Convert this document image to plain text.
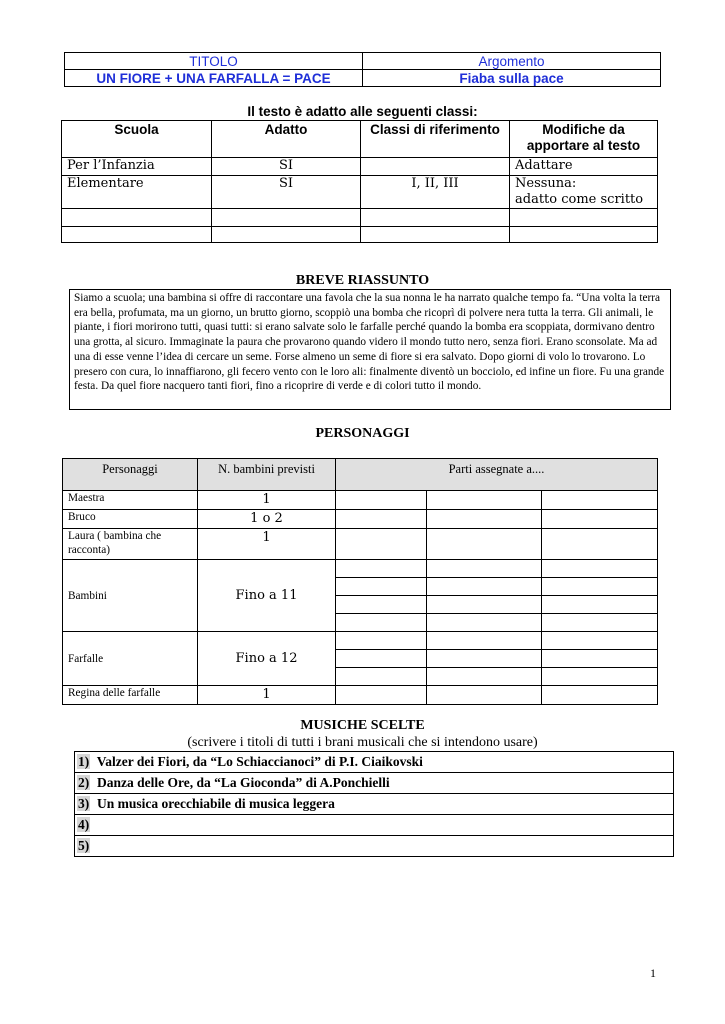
TITOLO	Argomento
UN FIORE + UNA FARFALLA = PACE	Fiaba sulla pace
Il testo è adatto alle seguenti classi:
Scuola	Adatto	Classi di riferimento	Modifiche da apportare al testo
Per l’Infanzia	SI		Adattare
Elementare	SI	I, II, III	Nessuna:
adatto come scritto

BREVE RIASSUNTO
Siamo a scuola; una bambina si offre di raccontare una favola che la sua nonna le ha narrato qualche tempo fa. “Una volta la terra era bella, profumata, ma un giorno, un brutto giorno, scoppiò una bomba che ricoprì di polvere nera tutta la terra. Gli animali, le piante, i fiori morirono tutti, quasi tutti: si erano salvate solo le farfalle perché quando la bomba era scoppiata, dormivano dentro una grotta, al sicuro. Immaginate la paura che provarono quando videro il mondo tutto nero, senza fiori. Erano sconsolate. Ma ad una di esse venne l’idea di cercare un seme. Forse almeno un seme di fiore si era salvato. Dopo giorni di volo lo trovarono. Lo presero con cura, lo innaffiarono, gli fecero vento con le loro ali: finalmente diventò un bocciolo, ed infine un fiore. Fu una grande festa. Da quel fiore nacquero tanti fiori, fino a ricoprire di verde e di colori tutto il mondo.
PERSONAGGI
Personaggi	N. bambini previsti	Parti assegnate a....		
Maestra	1			
Bruco	1 o 2			
Laura ( bambina che racconta)	1			
Bambini	Fino a 11			

Farfalle	Fino a 12			

Regina delle farfalle	1			
MUSICHE SCELTE
(scrivere i titoli di tutti i brani musicali che si intendono usare)
1) Valzer dei Fiori, da “Lo Schiaccianoci” di P.I. Ciaikovski
2) Danza delle Ore, da “La Gioconda” di A.Ponchielli
3) Un musica orecchiabile di musica leggera
4)
5)
1
